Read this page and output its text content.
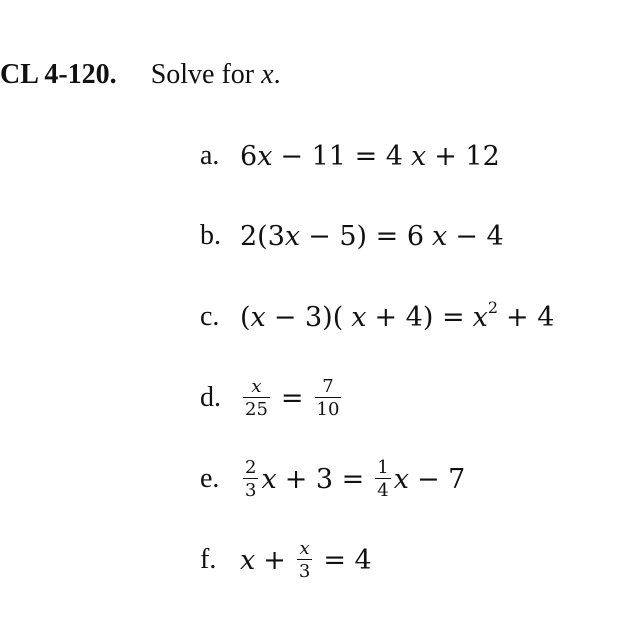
CL 4-120. Solve for x.
a. 6 x − 11 = 4 x + 12
b. 2(3 x − 5) = 6 x − 4
c. ( x − 3)( $x + 4) = x^2 + 4$
d.	$\frac{x}{25} = \frac{7}{10}$
e.	$\frac{2}{3}$ $x + 3 = \frac{1}{4}$ x − 7
f. $x + \frac{x}{3} = 4$
